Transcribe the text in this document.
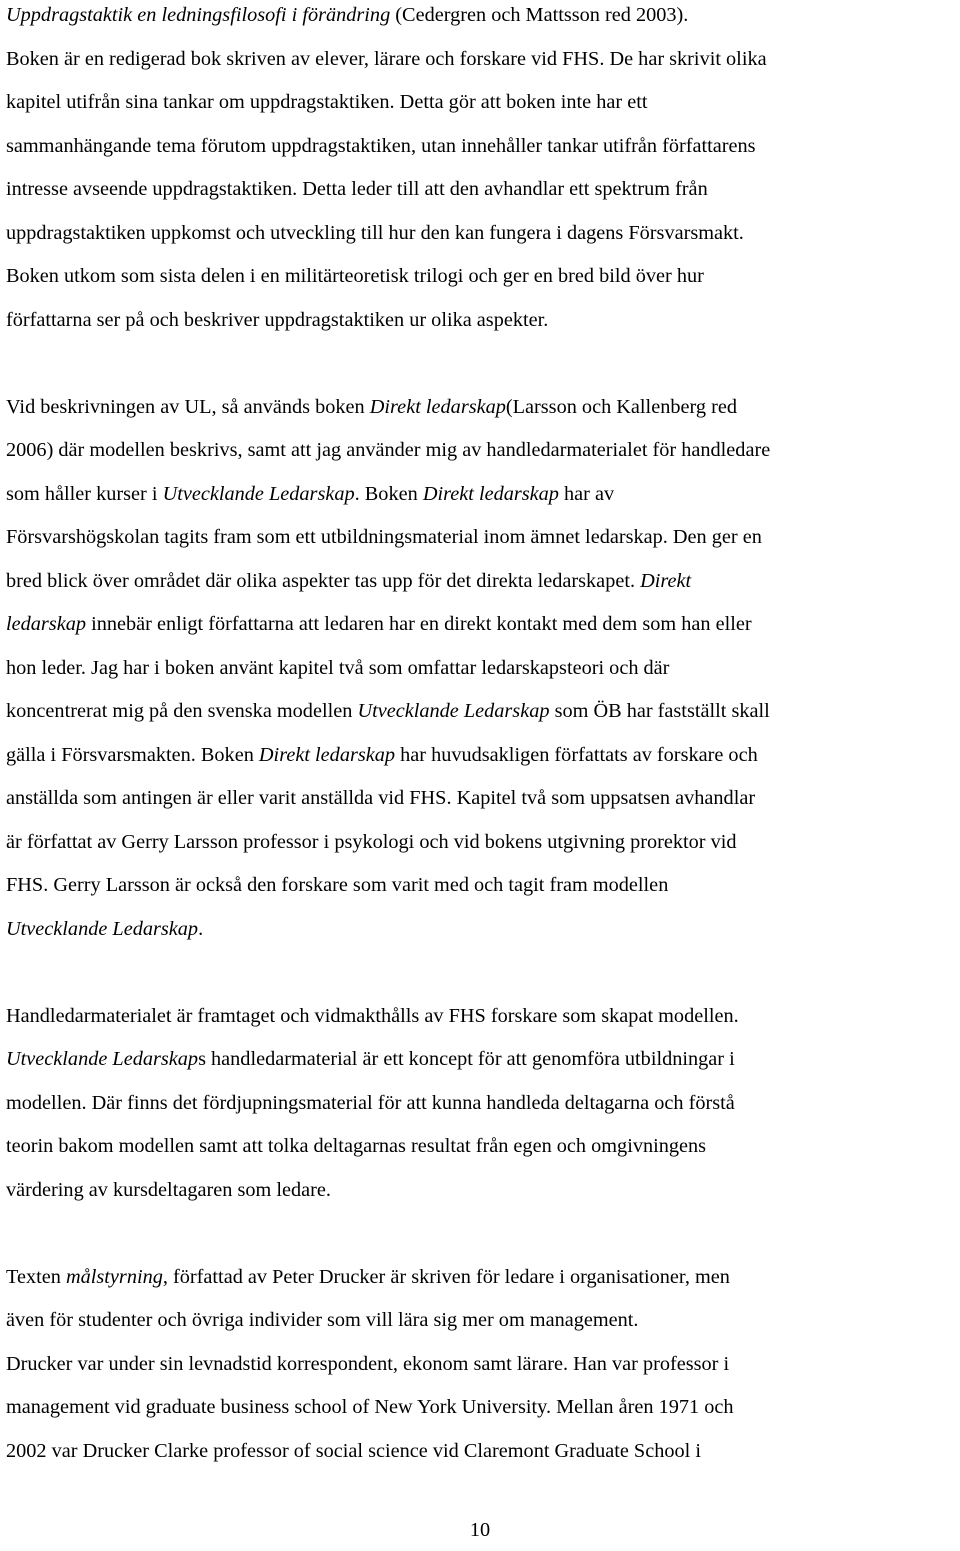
Uppdragstaktik en ledningsfilosofi i förändring (Cedergren och Mattsson red 2003).
Boken är en redigerad bok skriven av elever, lärare och forskare vid FHS. De har skrivit olika
kapitel utifrån sina tankar om uppdragstaktiken. Detta gör att boken inte har ett
sammanhängande tema förutom uppdragstaktiken, utan innehåller tankar utifrån författarens
intresse avseende uppdragstaktiken. Detta leder till att den avhandlar ett spektrum från
uppdragstaktiken uppkomst och utveckling till hur den kan fungera i dagens Försvarsmakt.
Boken utkom som sista delen i en militärteoretisk trilogi och ger en bred bild över hur
författarna ser på och beskriver uppdragstaktiken ur olika aspekter.

Vid beskrivningen av UL, så används boken Direkt ledarskap(Larsson och Kallenberg red
2006) där modellen beskrivs, samt att jag använder mig av handledarmaterialet för handledare
som håller kurser i Utvecklande Ledarskap. Boken Direkt ledarskap har av
Försvarshögskolan tagits fram som ett utbildningsmaterial inom ämnet ledarskap. Den ger en
bred blick över området där olika aspekter tas upp för det direkta ledarskapet. Direkt
ledarskap innebär enligt författarna att ledaren har en direkt kontakt med dem som han eller
hon leder. Jag har i boken använt kapitel två som omfattar ledarskapsteori och där
koncentrerat mig på den svenska modellen Utvecklande Ledarskap som ÖB har fastställt skall
gälla i Försvarsmakten. Boken Direkt ledarskap har huvudsakligen författats av forskare och
anställda som antingen är eller varit anställda vid FHS. Kapitel två som uppsatsen avhandlar
är författat av Gerry Larsson professor i psykologi och vid bokens utgivning prorektor vid
FHS. Gerry Larsson är också den forskare som varit med och tagit fram modellen
Utvecklande Ledarskap.

Handledarmaterialet är framtaget och vidmakthålls av FHS forskare som skapat modellen.
Utvecklande Ledarskaps handledarmaterial är ett koncept för att genomföra utbildningar i
modellen. Där finns det fördjupningsmaterial för att kunna handleda deltagarna och förstå
teorin bakom modellen samt att tolka deltagarnas resultat från egen och omgivningens
värdering av kursdeltagaren som ledare.

Texten målstyrning, författad av Peter Drucker är skriven för ledare i organisationer, men
även för studenter och övriga individer som vill lära sig mer om management.
Drucker var under sin levnadstid korrespondent, ekonom samt lärare. Han var professor i
management vid graduate business school of New York University. Mellan åren 1971 och
2002 var Drucker Clarke professor of social science vid Claremont Graduate School i

10
